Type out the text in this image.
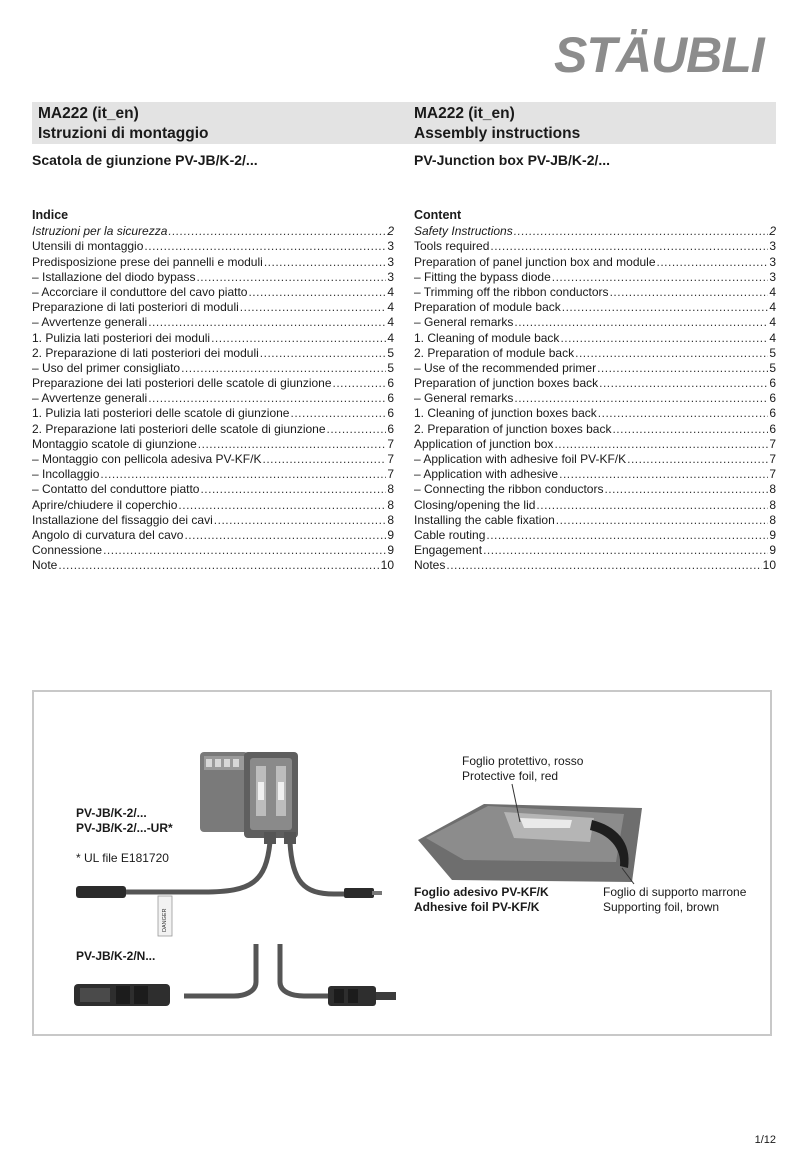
STÄUBLI
MA222 (it_en)
Istruzioni di montaggio
MA222 (it_en)
Assembly instructions
Scatola de giunzione PV-JB/K-2/...	PV-Junction box PV-JB/K-2/...
Indice
Istruzioni per la sicurezza .....	2
Utensili di montaggio .....	3
Predisposizione prese dei pannelli e moduli .....	3
– Istallazione del diodo bypass .....	3
– Accorciare il conduttore del cavo piatto .....	4
Preparazione di lati posteriori di moduli .....	4
– Avvertenze generali .....	4
1. Pulizia lati posteriori dei moduli .....	4
2. Preparazione di lati posteriori dei moduli .....	5
– Uso del primer consigliato .....	5
Preparazione dei lati posteriori delle scatole di giunzione .....	6
– Avvertenze generali .....	6
1. Pulizia lati posteriori delle scatole di giunzione .....	6
2. Preparazione lati posteriori delle scatole di giunzione .....	6
Montaggio scatole di giunzione .....	7
– Montaggio con pellicola adesiva PV-KF/K .....	7
– Incollaggio .....	7
– Contatto del conduttore piatto .....	8
Aprire/chiudere il coperchio .....	8
Installazione del fissaggio dei cavi .....	8
Angolo di curvatura del cavo .....	9
Connessione .....	9
Note .....	10
Content
Safety Instructions .....	2
Tools required .....	3
Preparation of panel junction box and module .....	3
– Fitting the bypass diode .....	3
– Trimming off the ribbon conductors .....	4
Preparation of module back .....	4
– General remarks .....	4
1. Cleaning of module back .....	4
2. Preparation of module back .....	5
– Use of the recommended primer .....	5
Preparation of junction boxes back .....	6
– General remarks .....	6
1. Cleaning of junction boxes back .....	6
2. Preparation of junction boxes back .....	6
Application of junction box .....	7
– Application with adhesive foil PV-KF/K .....	7
– Application with adhesive .....	7
– Connecting the ribbon conductors .....	8
Closing/opening the lid .....	8
Installing the cable fixation .....	8
Cable routing .....	9
Engagement .....	9
Notes .....	10
DANGER
PV-JB/K-2/...
PV-JB/K-2/...-UR*
* UL file E181720
PV-JB/K-2/N...
Foglio protettivo, rosso
Protective foil, red
Foglio adesivo PV-KF/K
Adhesive foil PV-KF/K
Foglio di supporto marrone
Supporting foil, brown
1/12
